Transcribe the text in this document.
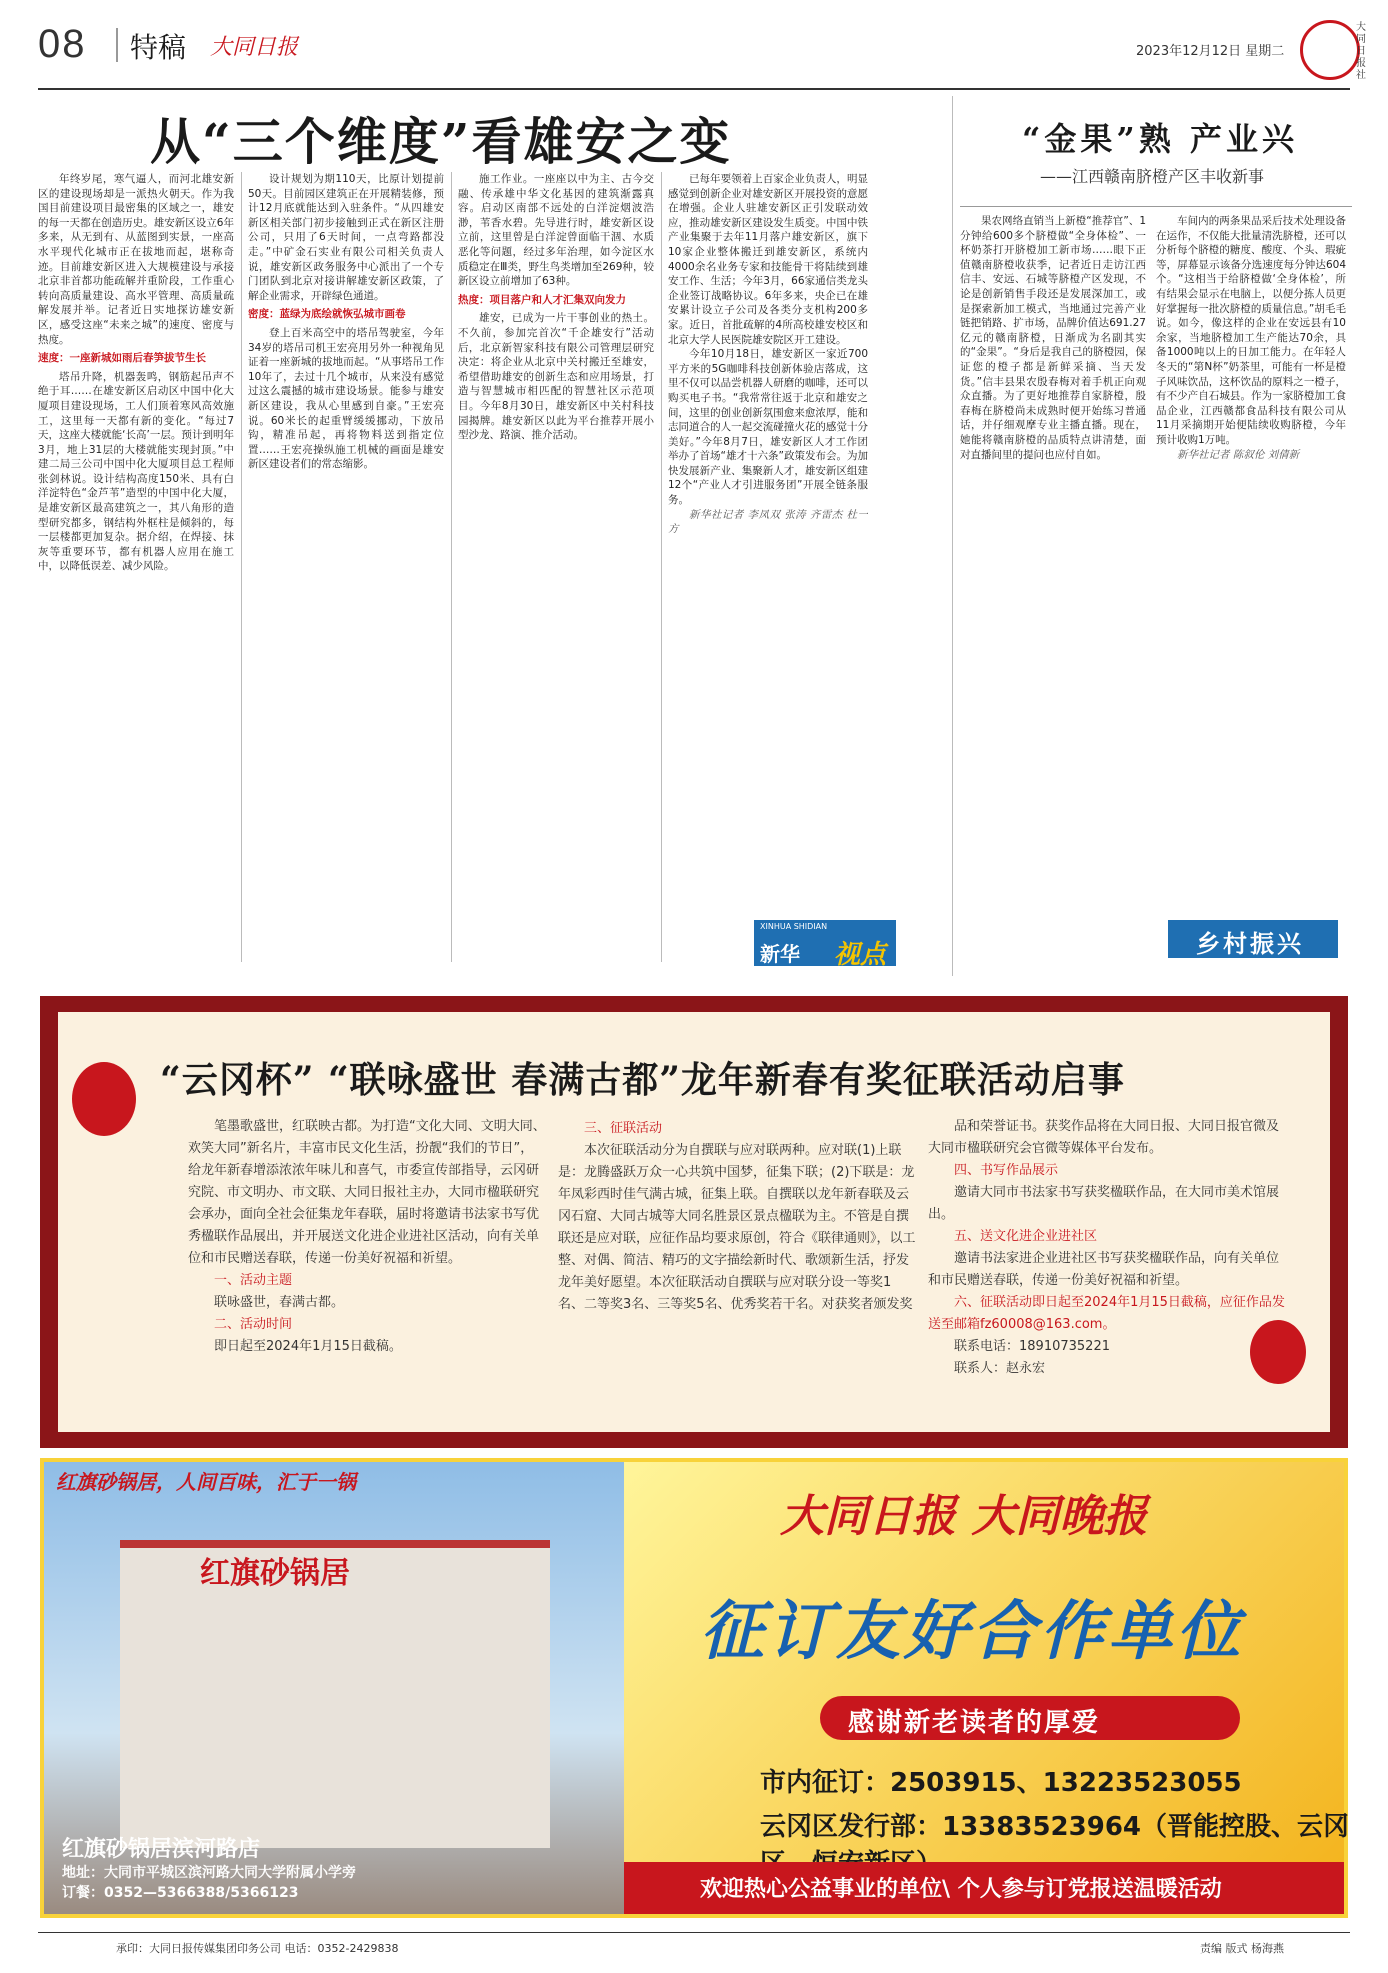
08 特稿 大同日报	2023年12月12日 星期二
大同日报社
从“三个维度”看雄安之变

年终岁尾，寒气逼人，而河北雄安新区的建设现场却是一派热火朝天。作为我国目前建设项目最密集的区域之一，雄安的每一天都在创造历史。雄安新区设立6年多来，从无到有、从蓝图到实景，一座高水平现代化城市正在拔地而起，堪称奇迹。目前雄安新区进入大规模建设与承接北京非首都功能疏解并重阶段，工作重心转向高质量建设、高水平管理、高质量疏解发展并举。记者近日实地探访雄安新区，感受这座“未来之城”的速度、密度与热度。

速度：一座新城如雨后春笋拔节生长

塔吊升降，机器轰鸣，钢筋起吊声不绝于耳……在雄安新区启动区中国中化大厦项目建设现场，工人们顶着寒风高效施工，这里每一天都有新的变化。“每过7天，这座大楼就能‘长高’一层。预计到明年3月，地上31层的大楼就能实现封顶。”中建二局三公司中国中化大厦项目总工程师张剑林说。设计结构高度150米、具有白洋淀特色“金芦苇”造型的中国中化大厦，是雄安新区最高建筑之一，其八角形的造型研究都多，钢结构外框柱是倾斜的，每一层楼都更加复杂。据介绍，在焊接、抹灰等重要环节，都有机器人应用在施工中，以降低误差、减少风险。

设计规划为期110天，比原计划提前50天。目前园区建筑正在开展精装修，预计12月底就能达到入驻条件。“从四雄安新区相关部门初步接触到正式在新区注册公司，只用了6天时间，一点弯路都没走。”中矿金石实业有限公司相关负责人说，雄安新区政务服务中心派出了一个专门团队到北京对接讲解雄安新区政策，了解企业需求，开辟绿色通道。

密度：蓝绿为底绘就恢弘城市画卷

登上百米高空中的塔吊驾驶室，今年34岁的塔吊司机王宏亮用另外一种视角见证着一座新城的拔地而起。“从事塔吊工作10年了，去过十几个城市，从来没有感觉过这么震撼的城市建设场景。能参与雄安新区建设，我从心里感到自豪。”王宏亮说。60米长的起重臂缓缓挪动，下放吊钩，精准吊起，再将物料送到指定位置……王宏亮操纵施工机械的画面是雄安新区建设者们的常态缩影。

施工作业。一座座以中为主、古今交融、传承雄中华文化基因的建筑渐露真容。启动区南部不远处的白洋淀烟波浩渺，苇香水碧。先导进行时，雄安新区设立前，这里曾是白洋淀曾面临干涸、水质恶化等问题，经过多年治理，如今淀区水质稳定在Ⅲ类，野生鸟类增加至269种，较新区设立前增加了63种。

热度：项目落户和人才汇集双向发力

雄安，已成为一片干事创业的热土。不久前，参加完首次“千企雄安行”活动后，北京新智家科技有限公司管理层研究决定：将企业从北京中关村搬迁至雄安，希望借助雄安的创新生态和应用场景，打造与智慧城市相匹配的智慧社区示范项目。今年8月30日，雄安新区中关村科技园揭牌。雄安新区以此为平台推荐开展小型沙龙、路演、推介活动。

已每年要领着上百家企业负责人，明显感觉到创新企业对雄安新区开展投资的意愿在增强。企业人驻雄安新区正引发联动效应，推动雄安新区建设发生质变。中国中铁产业集聚于去年11月落户雄安新区，旗下10家企业整体搬迁到雄安新区，系统内4000余名业务专家和技能骨干将陆续到雄安工作、生活；今年3月，66家通信类龙头企业签订战略协议。6年多来，央企已在雄安累计设立子公司及各类分支机构200多家。近日，首批疏解的4所高校雄安校区和北京大学人民医院雄安院区开工建设。

今年10月18日，雄安新区一家近700平方米的5G咖啡科技创新体验店落成，这里不仅可以品尝机器人研磨的咖啡，还可以购买电子书。“我常常往返于北京和雄安之间，这里的创业创新氛围愈来愈浓厚，能和志同道合的人一起交流碰撞火花的感觉十分美好。”今年8月7日，雄安新区人才工作团举办了首场“雄才十六条”政策发布会。为加快发展新产业、集聚新人才，雄安新区组建12个“产业人才引进服务团”开展全链条服务。

新华社记者 李凤双 张涛 齐雷杰 杜一方

XINHUA SHIDIAN
新华 视点
“金果”熟 产业兴
——江西赣南脐橙产区丰收新事

果农网络直销当上新橙“推荐官”、1分钟给600多个脐橙做“全身体检”、一杯奶茶打开脐橙加工新市场……眼下正值赣南脐橙收获季，记者近日走访江西信丰、安远、石城等脐橙产区发现，不论是创新销售手段还是发展深加工，或是探索新加工模式，当地通过完善产业链把销路、扩市场，品牌价值达691.27亿元的赣南脐橙，日渐成为名副其实的“金果”。“身后是我自己的脐橙园，保证您的橙子都是新鲜采摘、当天发货。”信丰县果农殷春梅对着手机正向观众直播。为了更好地推荐自家脐橙，殷春梅在脐橙尚未成熟时便开始练习普通话，并仔细观摩专业主播直播。现在，她能将赣南脐橙的品质特点讲清楚，面对直播间里的提问也应付自如。

车间内的两条果品采后技术处理设备在运作，不仅能大批量清洗脐橙，还可以分析每个脐橙的糖度、酸度、个头、瑕疵等，屏幕显示该备分选速度每分钟达604个。“这相当于给脐橙做‘全身体检’，所有结果会显示在电脑上，以便分拣人员更好掌握每一批次脐橙的质量信息。”胡毛毛说。如今，像这样的企业在安远县有10余家，当地脐橙加工生产能达70余，具备1000吨以上的日加工能力。在年轻人冬天的“第N杯”奶茶里，可能有一杯是橙子风味饮品，这杯饮品的原料之一橙子，有不少产自石城县。作为一家脐橙加工食品企业，江西赣都食品科技有限公司从11月采摘期开始便陆续收购脐橙，今年预计收购1万吨。

新华社记者 陈叙伦 刘倩新

乡村振兴
“云冈杯” “联咏盛世 春满古都”龙年新春有奖征联活动启事

笔墨歌盛世，红联映古都。为打造“文化大同、文明大同、欢笑大同”新名片，丰富市民文化生活，扮靓“我们的节日”，给龙年新春增添浓浓年味儿和喜气，市委宣传部指导，云冈研究院、市文明办、市文联、大同日报社主办，大同市楹联研究会承办，面向全社会征集龙年春联，届时将邀请书法家书写优秀楹联作品展出，并开展送文化进企业进社区活动，向有关单位和市民赠送春联，传递一份美好祝福和祈望。

一、活动主题

联咏盛世，春满古都。

二、活动时间

即日起至2024年1月15日截稿。

三、征联活动

本次征联活动分为自撰联与应对联两种。应对联(1)上联是：龙腾盛跃万众一心共筑中国梦，征集下联；(2)下联是：龙年凤彩西时佳气满古城，征集上联。自撰联以龙年新春联及云冈石窟、大同古城等大同名胜景区景点楹联为主。不管是自撰联还是应对联，应征作品均要求原创，符合《联律通则》，以工整、对偶、简洁、精巧的文字描绘新时代、歌颂新生活，抒发龙年美好愿望。本次征联活动自撰联与应对联分设一等奖1名、二等奖3名、三等奖5名、优秀奖若干名。对获奖者颁发奖

品和荣誉证书。获奖作品将在大同日报、大同日报官微及大同市楹联研究会官微等媒体平台发布。

四、书写作品展示

邀请大同市书法家书写获奖楹联作品，在大同市美术馆展出。

五、送文化进企业进社区

邀请书法家进企业进社区书写获奖楹联作品，向有关单位和市民赠送春联，传递一份美好祝福和祈望。

六、征联活动即日起至2024年1月15日截稿，应征作品发送至邮箱fz60008@163.com。

联系电话：18910735221

联系人：赵永宏

红旗砂锅居，人间百味，汇于一锅
红旗砂锅居
红旗砂锅居滨河路店
地址：大同市平城区滨河路大同大学附属小学旁
订餐：0352—5366388/5366123
大同日报 大同晚报
征订友好合作单位
感谢新老读者的厚爱
市内征订：2503915、13223523055
云冈区发行部：13383523964（晋能控股、云冈
欢迎热心公益事业的单位\ 个人参与订党报送温暖活动
承印：大同日报传媒集团印务公司 电话：0352-2429838	责编 版式 杨海燕
